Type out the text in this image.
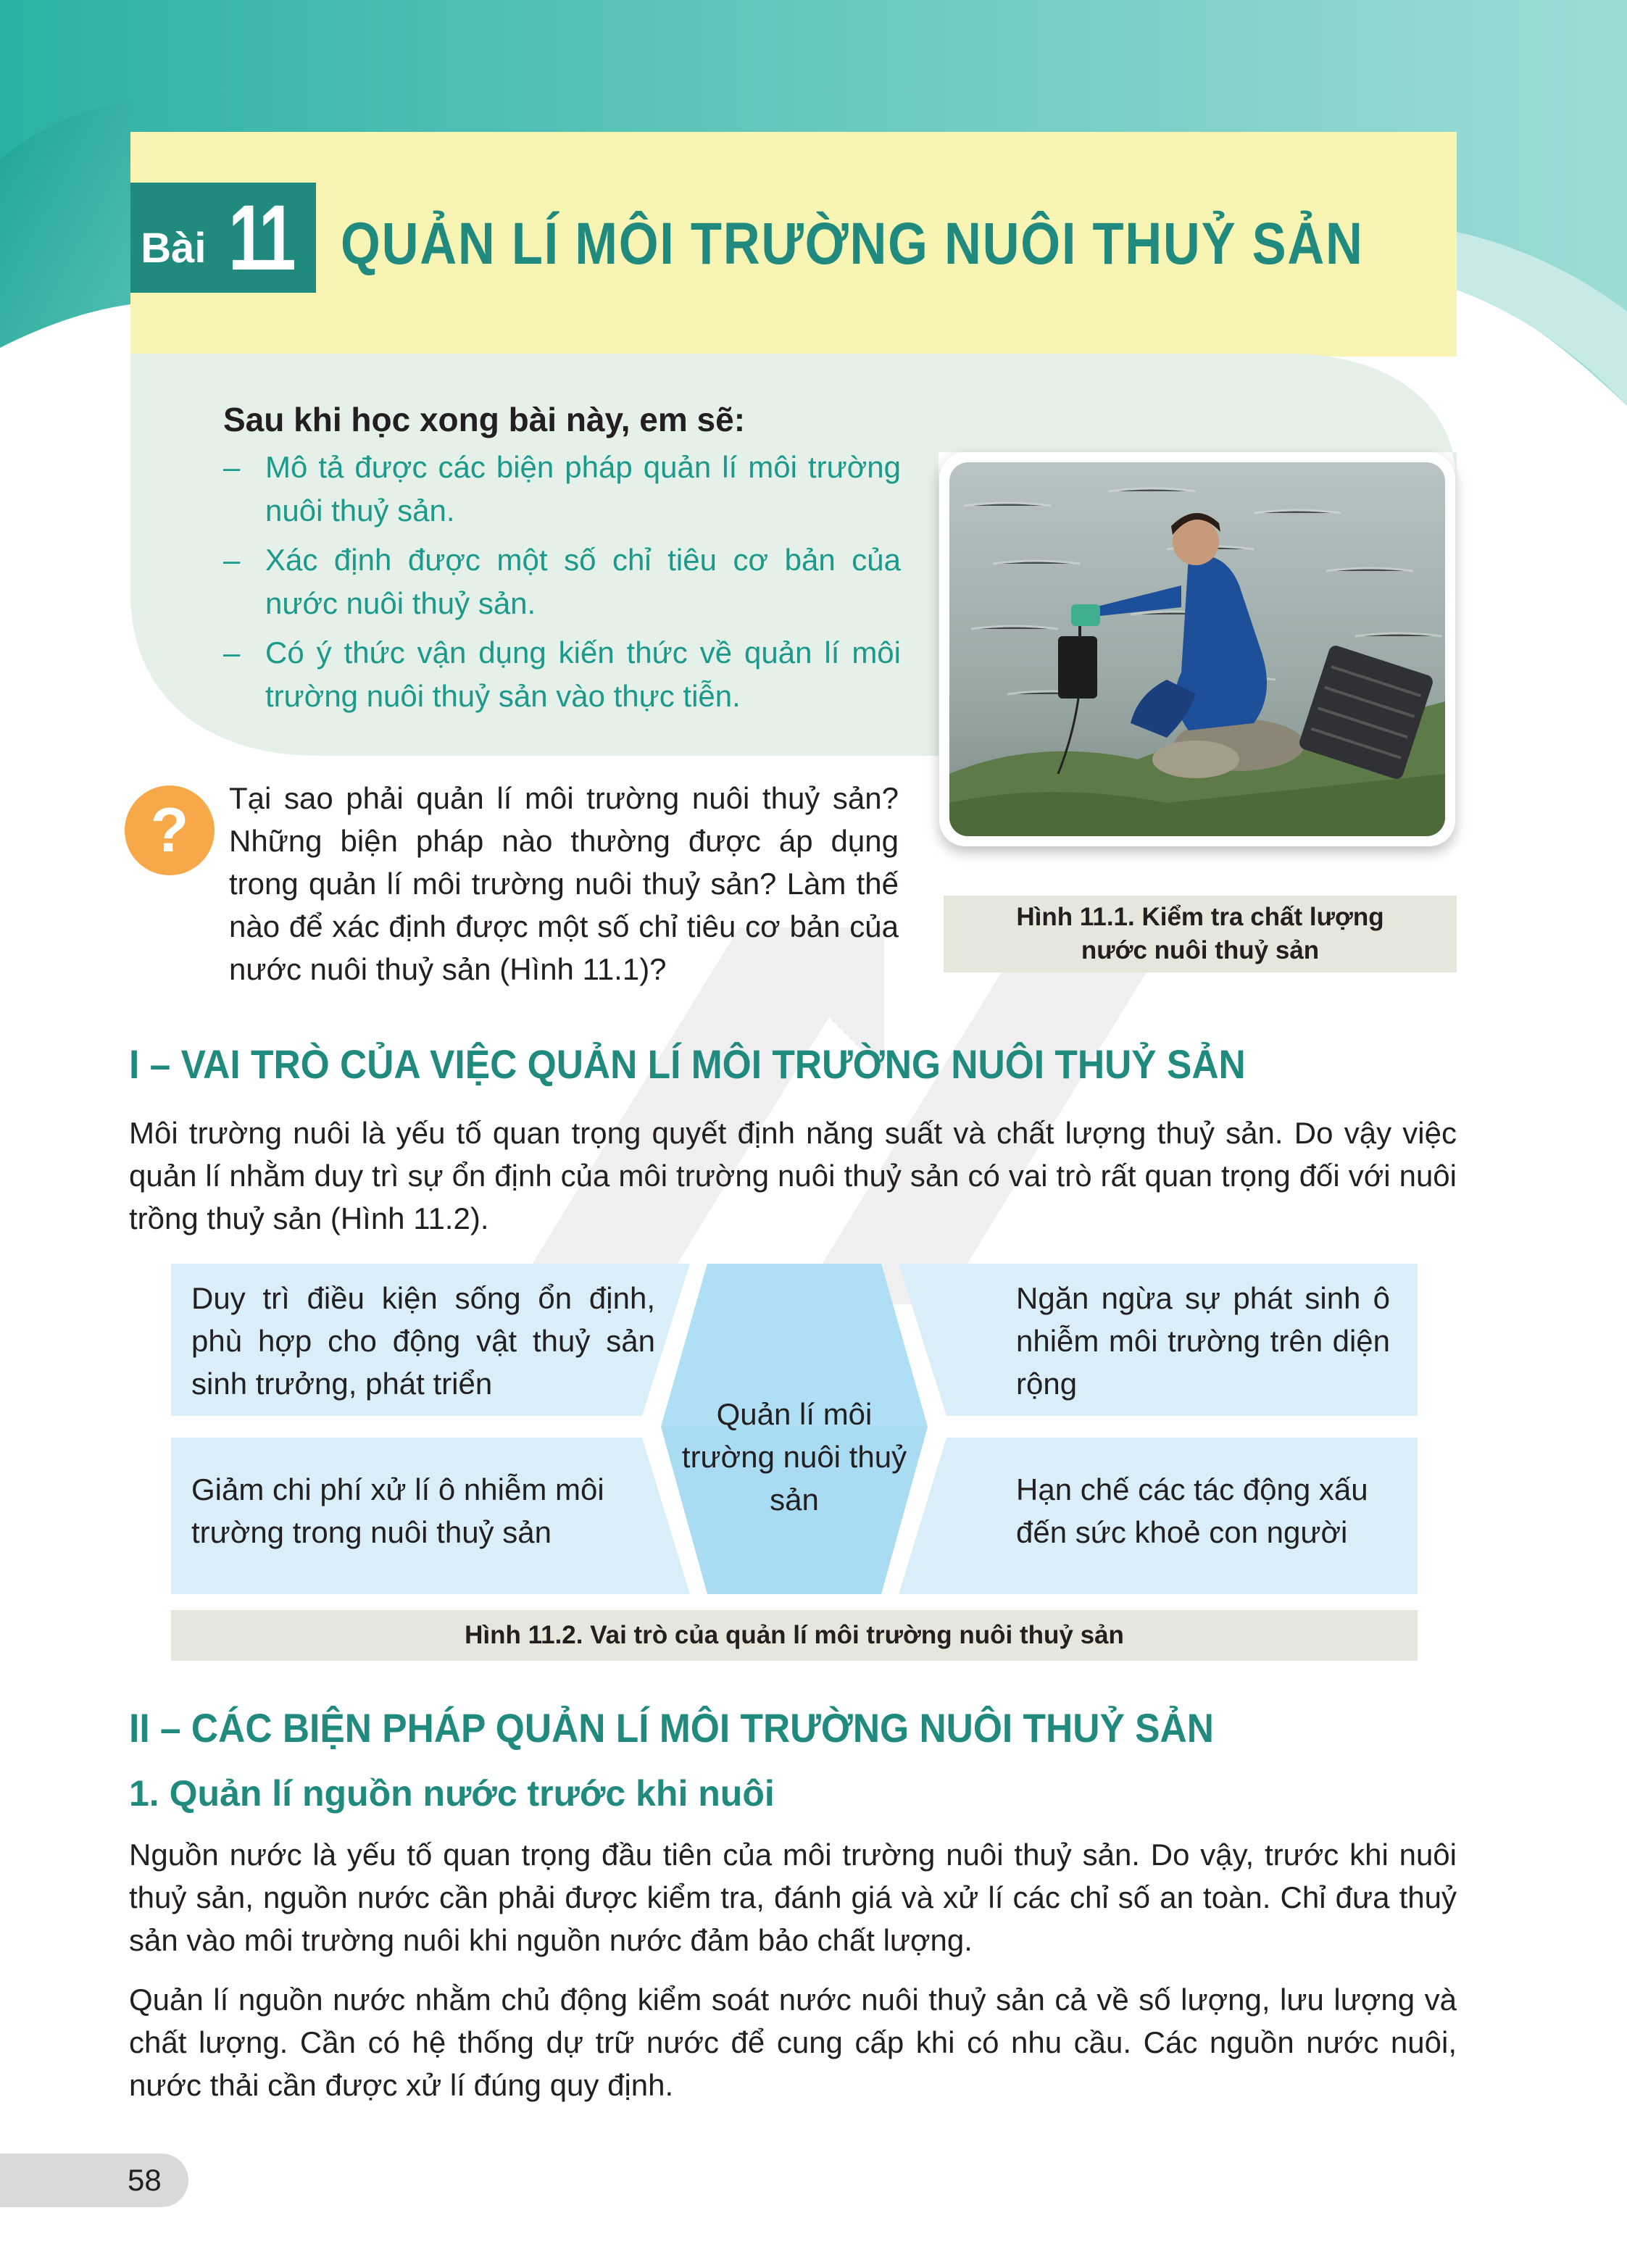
Bài 11 QUẢN LÍ MÔI TRƯỜNG NUÔI THUỶ SẢN
Sau khi học xong bài này, em sẽ:
– Mô tả được các biện pháp quản lí môi trường nuôi thuỷ sản.
– Xác định được một số chỉ tiêu cơ bản của nước nuôi thuỷ sản.
– Có ý thức vận dụng kiến thức về quản lí môi trường nuôi thuỷ sản vào thực tiễn.
Hình 11.1. Kiểm tra chất lượng
nước nuôi thuỷ sản
?	Tại sao phải quản lí môi trường nuôi thuỷ sản? Những biện pháp nào thường được áp dụng trong quản lí môi trường nuôi thuỷ sản? Làm thế nào để xác định được một số chỉ tiêu cơ bản của nước nuôi thuỷ sản (Hình 11.1)?
I – VAI TRÒ CỦA VIỆC QUẢN LÍ MÔI TRƯỜNG NUÔI THUỶ SẢN
Môi trường nuôi là yếu tố quan trọng quyết định năng suất và chất lượng thuỷ sản. Do vậy việc quản lí nhằm duy trì sự ổn định của môi trường nuôi thuỷ sản có vai trò rất quan trọng đối với nuôi trồng thuỷ sản (Hình 11.2).
Duy trì điều kiện sống ổn định, phù hợp cho động vật thuỷ sản sinh trưởng, phát triển
Giảm chi phí xử lí ô nhiễm môi trường trong nuôi thuỷ sản
Ngăn ngừa sự phát sinh ô nhiễm môi trường trên diện rộng
Hạn chế các tác động xấu đến sức khoẻ con người
Quản lí môi trường nuôi thuỷ sản
Hình 11.2. Vai trò của quản lí môi trường nuôi thuỷ sản
II – CÁC BIỆN PHÁP QUẢN LÍ MÔI TRƯỜNG NUÔI THUỶ SẢN
1. Quản lí nguồn nước trước khi nuôi
Nguồn nước là yếu tố quan trọng đầu tiên của môi trường nuôi thuỷ sản. Do vậy, trước khi nuôi thuỷ sản, nguồn nước cần phải được kiểm tra, đánh giá và xử lí các chỉ số an toàn. Chỉ đưa thuỷ sản vào môi trường nuôi khi nguồn nước đảm bảo chất lượng.
Quản lí nguồn nước nhằm chủ động kiểm soát nước nuôi thuỷ sản cả về số lượng, lưu lượng và chất lượng. Cần có hệ thống dự trữ nước để cung cấp khi có nhu cầu. Các nguồn nước nuôi, nước thải cần được xử lí đúng quy định.
58
